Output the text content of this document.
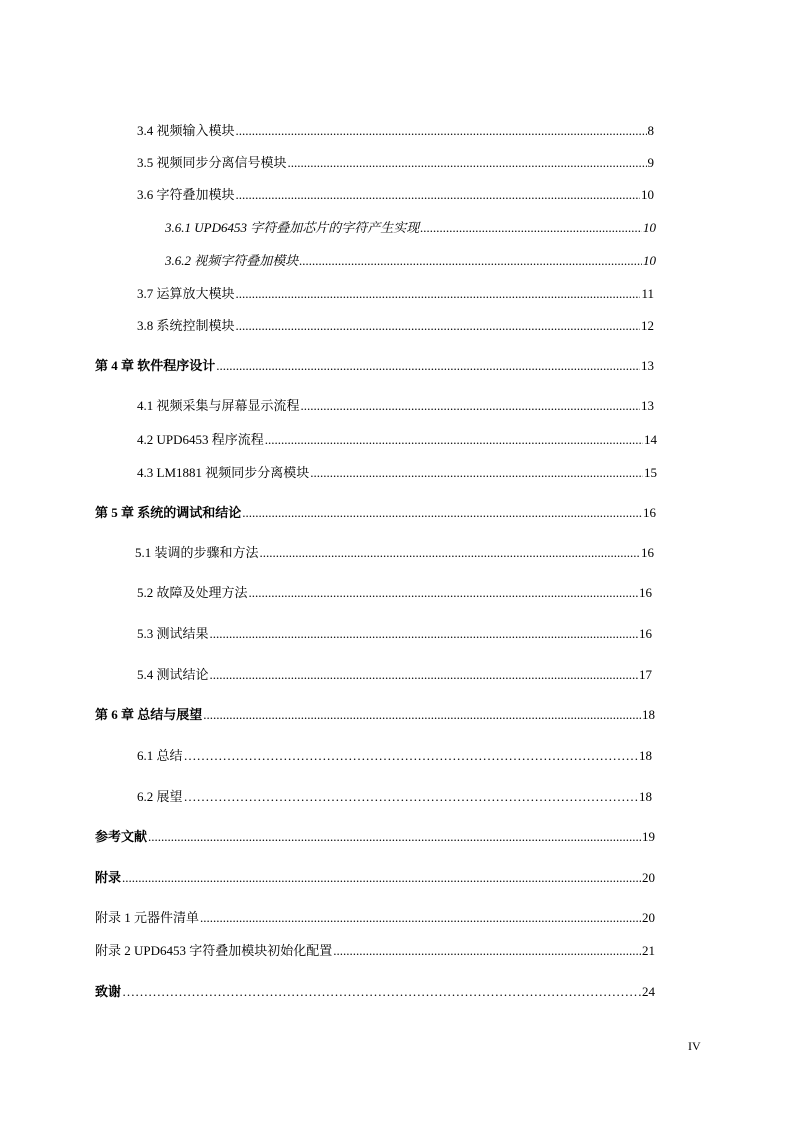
3.4 视频输入模块 .....	8
3.5 视频同步分离信号模块 .....	9
3.6 字符叠加模块 .....	10
3.6.1 UPD6453 字符叠加芯片的字符产生实现 .....	10
3.6.2 视频字符叠加模块 .....	10
3.7 运算放大模块 .....	11
3.8 系统控制模块 .....	12
第 4 章 软件程序设计 .....	13
4.1 视频采集与屏幕显示流程 .....	13
4.2 UPD6453 程序流程 .....	14
4.3 LM1881 视频同步分离模块 .....	15
第 5 章 系统的调试和结论 .....	16
5.1 装调的步骤和方法 .....	16
5.2 故障及处理方法 .....	16
5.3 测试结果 .....	16
5.4 测试结论 .....	17
第 6 章 总结与展望 .....	18
6.1 总结 …………………………………………………………………………………………………………………………………………………………………………………………………………………………………………	18
6.2 展望 …………………………………………………………………………………………………………………………………………………………………………………………………………………………………………	18
参考文献 .....	19
附录 .....	20
附录 1 元器件清单 .....	20
附录 2 UPD6453 字符叠加模块初始化配置 .....	21
致谢 …………………………………………………………………………………………………………………………………………………………………………………………………………………………………………	24
IV
